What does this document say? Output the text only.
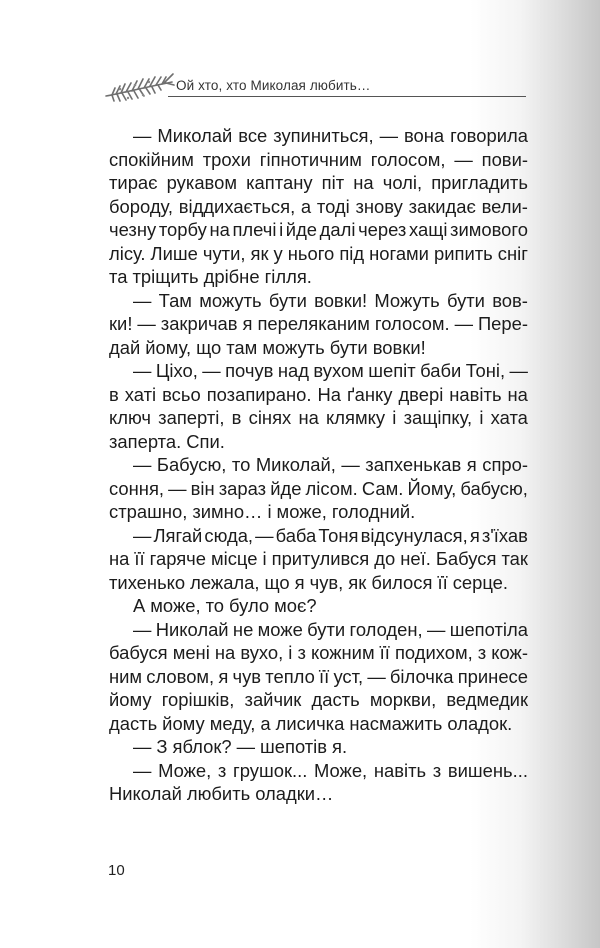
Ой хто, хто Миколая любить…
— Миколай все зупиниться, — вона говорила
спокійним трохи гіпнотичним голосом, — пови-
тирає рукавом каптану піт на чолі, пригладить
бороду, віддихається, а тоді знову закидає вели-
чезну торбу на плечі і йде далі через хащі зимового
лісу. Лише чути, як у нього під ногами рипить сніг
та тріщить дрібне гілля.
— Там можуть бути вовки! Можуть бути вов-
ки! — закричав я переляканим голосом. — Пере-
дай йому, що там можуть бути вовки!
— Ціхо, — почув над вухом шепіт баби Тоні, —
в хаті всьо позапирано. На ґанку двері навіть на
ключ заперті, в сінях на клямку і защіпку, і хата
заперта. Спи.
— Бабусю, то Миколай, — запхенькав я спро-
соння, — він зараз йде лісом. Сам. Йому, бабусю,
страшно, зимно… і може, голодний.
— Лягай сюда, — баба Тоня відсунулася, я з'їхав
на її гаряче місце і притулився до неї. Бабуся так
тихенько лежала, що я чув, як билося її серце.
А може, то було моє?
— Николай не може бути голоден, — шепотіла
бабуся мені на вухо, і з кожним її подихом, з кож-
ним словом, я чув тепло її уст, — білочка принесе
йому горішків, зайчик дасть моркви, ведмедик
дасть йому меду, а лисичка насмажить оладок.
— З яблок? — шепотів я.
— Може, з грушок... Може, навіть з вишень...
Николай любить оладки…
10
